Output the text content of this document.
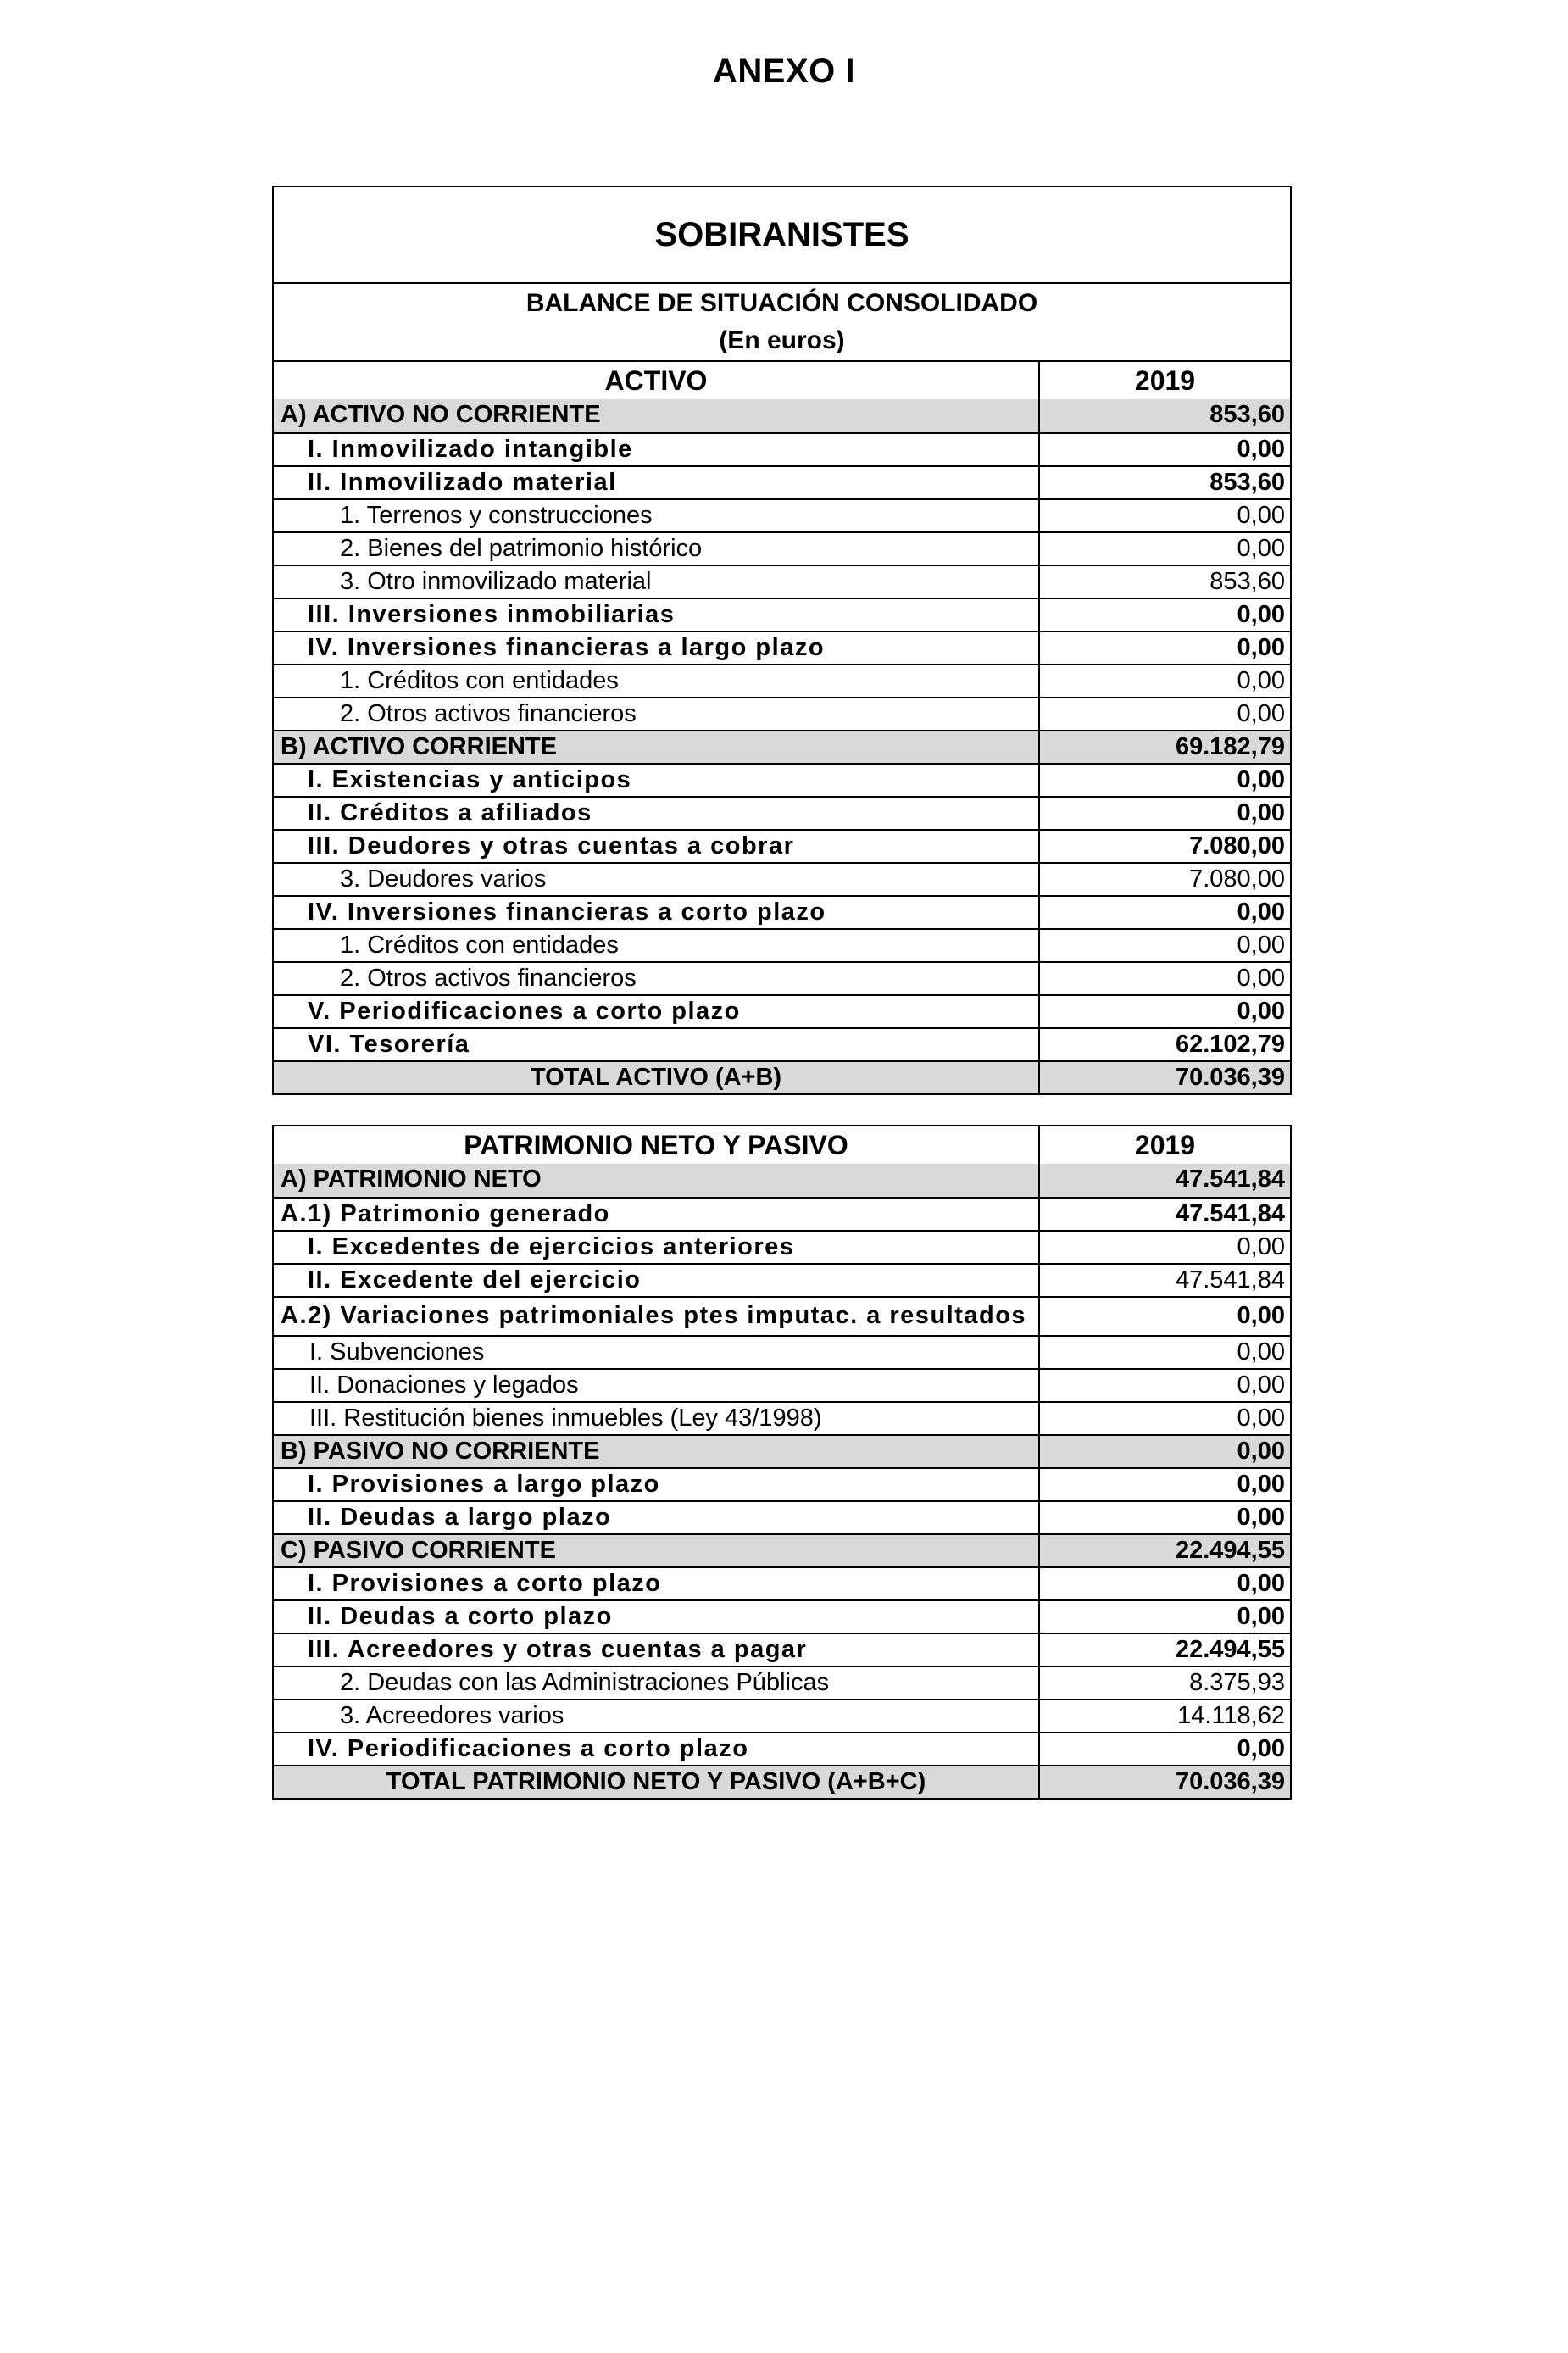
ANEXO I
SOBIRANISTES
BALANCE DE SITUACIÓN CONSOLIDADO
(En euros)
ACTIVO	2019
A) ACTIVO NO CORRIENTE	853,60
I. Inmovilizado intangible	0,00
II. Inmovilizado material	853,60
1. Terrenos y construcciones	0,00
2. Bienes del patrimonio histórico	0,00
3. Otro inmovilizado material	853,60
III. Inversiones inmobiliarias	0,00
IV. Inversiones financieras a largo plazo	0,00
1. Créditos con entidades	0,00
2. Otros activos financieros	0,00
B) ACTIVO CORRIENTE	69.182,79
I. Existencias y anticipos	0,00
II. Créditos a afiliados	0,00
III. Deudores y otras cuentas a cobrar	7.080,00
3. Deudores varios	7.080,00
IV. Inversiones financieras a corto plazo	0,00
1. Créditos con entidades	0,00
2. Otros activos financieros	0,00
V. Periodificaciones a corto plazo	0,00
VI. Tesorería	62.102,79
TOTAL ACTIVO (A+B)	70.036,39
PATRIMONIO NETO Y PASIVO	2019
A) PATRIMONIO NETO	47.541,84
A.1) Patrimonio generado	47.541,84
I. Excedentes de ejercicios anteriores	0,00
II. Excedente del ejercicio	47.541,84
A.2) Variaciones patrimoniales ptes imputac. a resultados	0,00
I. Subvenciones	0,00
II. Donaciones y legados	0,00
III. Restitución bienes inmuebles (Ley 43/1998)	0,00
B) PASIVO NO CORRIENTE	0,00
I. Provisiones a largo plazo	0,00
II. Deudas a largo plazo	0,00
C) PASIVO CORRIENTE	22.494,55
I. Provisiones a corto plazo	0,00
II. Deudas a corto plazo	0,00
III. Acreedores y otras cuentas a pagar	22.494,55
2. Deudas con las Administraciones Públicas	8.375,93
3. Acreedores varios	14.118,62
IV. Periodificaciones a corto plazo	0,00
TOTAL PATRIMONIO NETO Y PASIVO (A+B+C)	70.036,39
